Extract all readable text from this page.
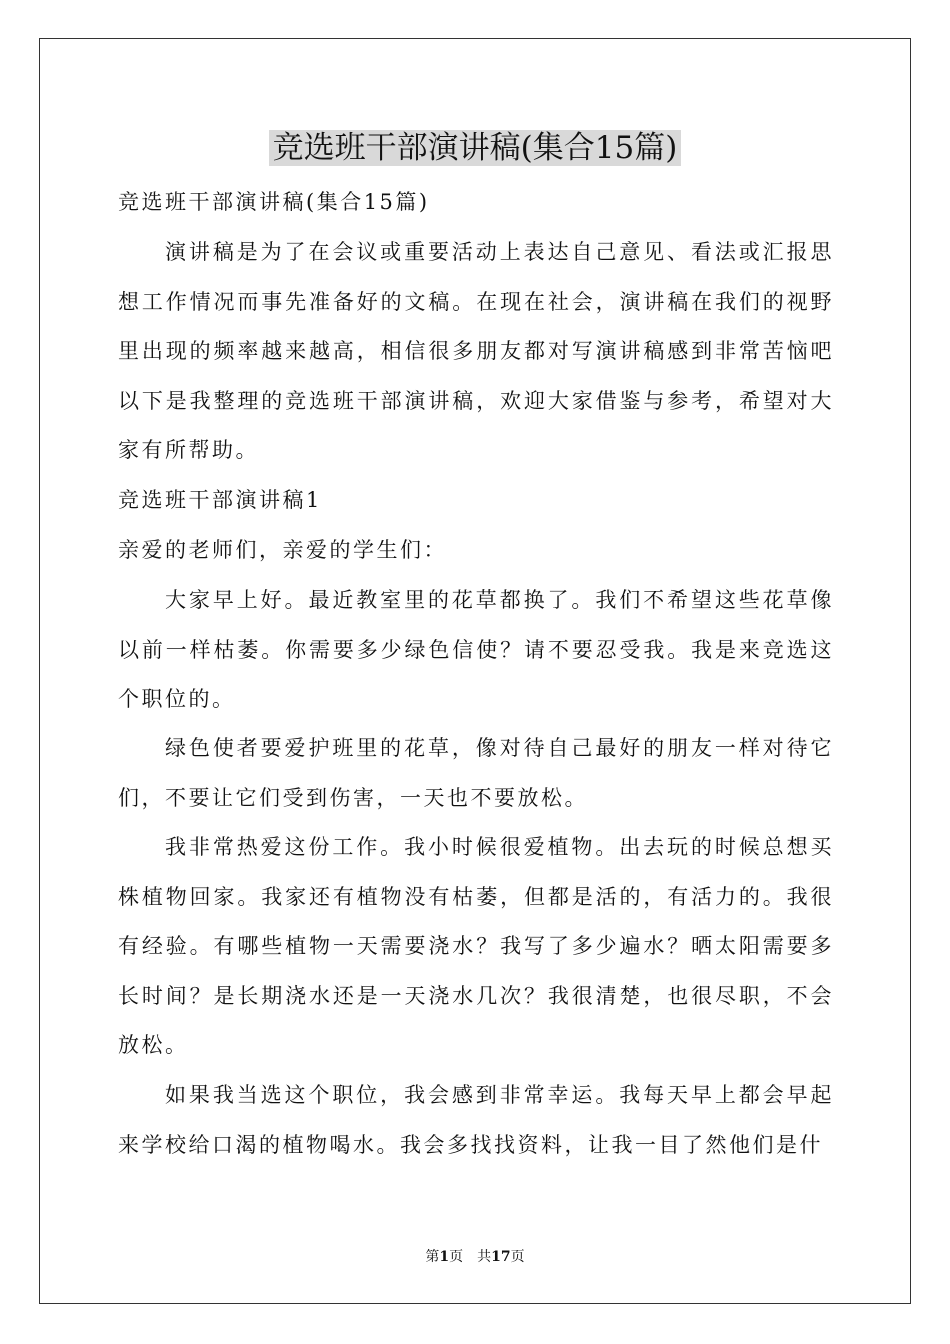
竞选班干部演讲稿(集合15篇)

竞选班干部演讲稿(集合15篇)

演讲稿是为了在会议或重要活动上表达自己意见、看法或汇报思想工作情况而事先准备好的文稿。在现在社会，演讲稿在我们的视野里出现的频率越来越高，相信很多朋友都对写演讲稿感到非常苦恼吧以下是我整理的竞选班干部演讲稿，欢迎大家借鉴与参考，希望对大家有所帮助。

竞选班干部演讲稿1

亲爱的老师们，亲爱的学生们：

大家早上好。最近教室里的花草都换了。我们不希望这些花草像以前一样枯萎。你需要多少绿色信使？请不要忍受我。我是来竞选这个职位的。

绿色使者要爱护班里的花草，像对待自己最好的朋友一样对待它们，不要让它们受到伤害，一天也不要放松。

我非常热爱这份工作。我小时候很爱植物。出去玩的时候总想买株植物回家。我家还有植物没有枯萎，但都是活的，有活力的。我很有经验。有哪些植物一天需要浇水？我写了多少遍水？晒太阳需要多长时间？是长期浇水还是一天浇水几次？我很清楚，也很尽职，不会放松。

如果我当选这个职位，我会感到非常幸运。我每天早上都会早起来学校给口渴的植物喝水。我会多找找资料，让我一目了然他们是什

第1页 共17页
